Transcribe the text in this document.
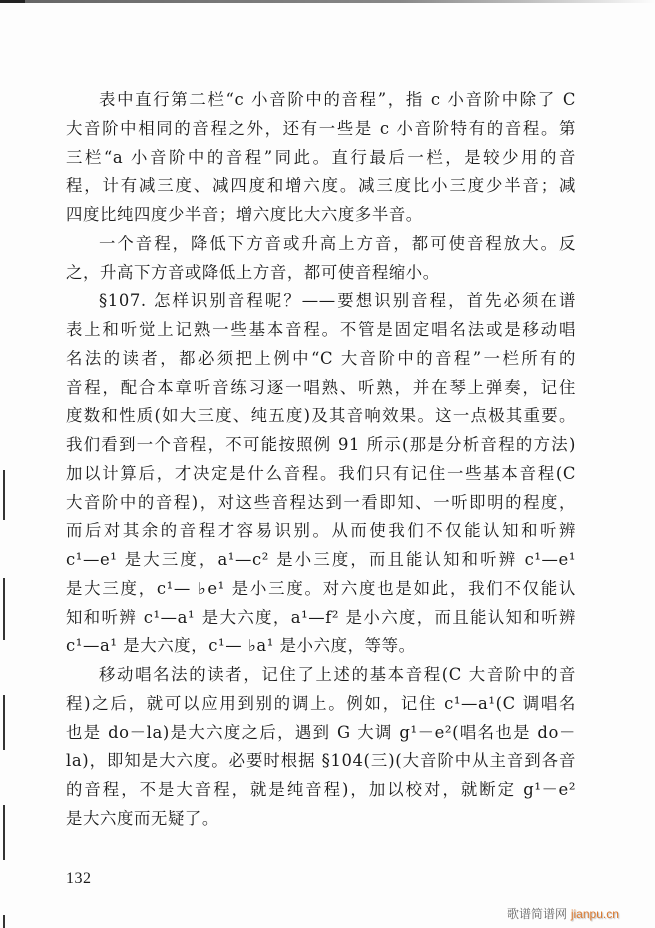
表中直行第二栏“c 小音阶中的音程”，指 c 小音阶中除了 C
大音阶中相同的音程之外，还有一些是 c 小音阶特有的音程。第
三栏“a 小音阶中的音程”同此。直行最后一栏，是较少用的音
程，计有减三度、减四度和增六度。减三度比小三度少半音；减
四度比纯四度少半音；增六度比大六度多半音。
一个音程，降低下方音或升高上方音，都可使音程放大。反
之，升高下方音或降低上方音，都可使音程缩小。
§107. 怎样识别音程呢？——要想识别音程，首先必须在谱
表上和听觉上记熟一些基本音程。不管是固定唱名法或是移动唱
名法的读者，都必须把上例中“C 大音阶中的音程”一栏所有的
音程，配合本章听音练习逐一唱熟、听熟，并在琴上弹奏，记住
度数和性质(如大三度、纯五度)及其音响效果。这一点极其重要。
我们看到一个音程，不可能按照例 91 所示(那是分析音程的方法)
加以计算后，才决定是什么音程。我们只有记住一些基本音程(C
大音阶中的音程)，对这些音程达到一看即知、一听即明的程度，
而后对其余的音程才容易识别。从而使我们不仅能认知和听辨
c¹—e¹ 是大三度，a¹—c² 是小三度，而且能认知和听辨 c¹—e¹
是大三度，c¹— ♭e¹ 是小三度。对六度也是如此，我们不仅能认
知和听辨 c¹—a¹ 是大六度，a¹—f² 是小六度，而且能认知和听辨
c¹—a¹ 是大六度，c¹— ♭a¹ 是小六度，等等。
移动唱名法的读者，记住了上述的基本音程(C 大音阶中的音
程)之后，就可以应用到别的调上。例如，记住 c¹—a¹(C 调唱名
也是 do－la)是大六度之后，遇到 G 大调 g¹－e²(唱名也是 do－
la)，即知是大六度。必要时根据 §104(三)(大音阶中从主音到各音
的音程，不是大音程，就是纯音程)，加以校对，就断定 g¹－e²
是大六度而无疑了。
132
歌谱简谱网 jianpu.cn
